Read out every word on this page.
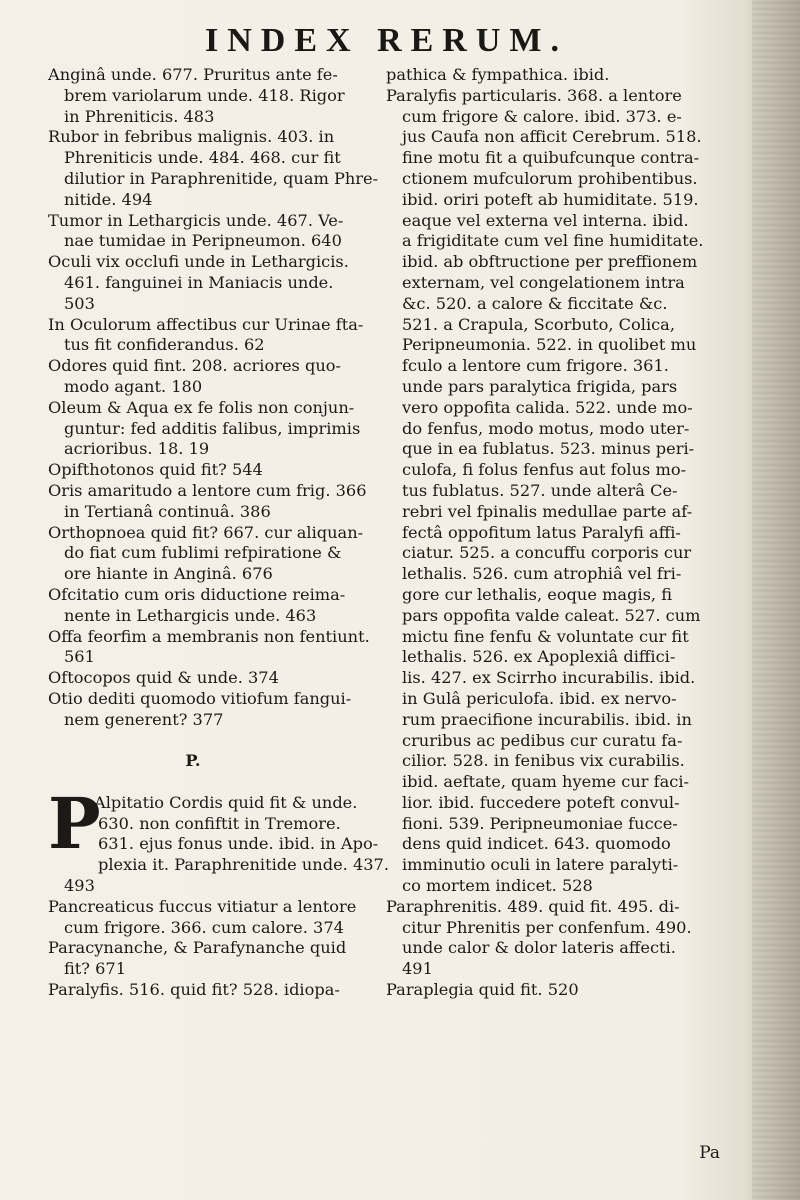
INDEX RERUM.
Anginâ unde. 677. Pruritus ante fe-
brem variolarum unde. 418. Rigor
in Phreniticis. 483
Rubor in febribus malignis. 403. in
Phreniticis unde. 484. 468. cur fit
dilutior in Paraphrenitide, quam Phre-
nitide. 494
Tumor in Lethargicis unde. 467. Ve-
nae tumidae in Peripneumon. 640
Oculi vix occlufi unde in Lethargicis.
461. fanguinei in Maniacis unde.
503
In Oculorum affectibus cur Urinae fta-
tus fit confiderandus. 62
Odores quid fint. 208. acriores quo-
modo agant. 180
Oleum & Aqua ex fe folis non conjun-
guntur: fed additis falibus, imprimis
acrioribus. 18. 19
Opifthotonos quid fit? 544
Oris amaritudo a lentore cum frig. 366
in Tertianâ continuâ. 386
Orthopnoea quid fit? 667. cur aliquan-
do fiat cum fublimi refpiratione &
ore hiante in Anginâ. 676
Ofcitatio cum oris diductione reima-
nente in Lethargicis unde. 463
Offa feorfim a membranis non fentiunt.
561
Oftocopos quid & unde. 374
Otio dediti quomodo vitiofum fangui-
nem generent? 377
P.
P
Alpitatio Cordis quid fit & unde.
630. non confiftit in Tremore.
631. ejus fonus unde. ibid. in Apo-
plexia it. Paraphrenitide unde. 437.
493
Pancreaticus fuccus vitiatur a lentore
cum frigore. 366. cum calore. 374
Paracynanche, & Parafynanche quid
fit? 671
Paralyfis. 516. quid fit? 528. idiopa-
pathica & fympathica. ibid.
Paralyfis particularis. 368. a lentore
cum frigore & calore. ibid. 373. e-
jus Caufa non afficit Cerebrum. 518.
fine motu fit a quibufcunque contra-
ctionem mufculorum prohibentibus.
ibid. oriri poteft ab humiditate. 519.
eaque vel externa vel interna. ibid.
a frigiditate cum vel fine humiditate.
ibid. ab obftructione per preffionem
externam, vel congelationem intra
&c. 520. a calore & ficcitate &c.
521. a Crapula, Scorbuto, Colica,
Peripneumonia. 522. in quolibet mu
fculo a lentore cum frigore. 361.
unde pars paralytica frigida, pars
vero oppofita calida. 522. unde mo-
do fenfus, modo motus, modo uter-
que in ea fublatus. 523. minus peri-
culofa, fi folus fenfus aut folus mo-
tus fublatus. 527. unde alterâ Ce-
rebri vel fpinalis medullae parte af-
fectâ oppofitum latus Paralyfi affi-
ciatur. 525. a concuffu corporis cur
lethalis. 526. cum atrophiâ vel fri-
gore cur lethalis, eoque magis, fi
pars oppofita valde caleat. 527. cum
mictu fine fenfu & voluntate cur fit
lethalis. 526. ex Apoplexiâ diffici-
lis. 427. ex Scirrho incurabilis. ibid.
in Gulâ periculofa. ibid. ex nervo-
rum praecifione incurabilis. ibid. in
cruribus ac pedibus cur curatu fa-
cilior. 528. in fenibus vix curabilis.
ibid. aeftate, quam hyeme cur faci-
lior. ibid. fuccedere poteft convul-
fioni. 539. Peripneumoniae fucce-
dens quid indicet. 643. quomodo
imminutio oculi in latere paralyti-
co mortem indicet. 528
Paraphrenitis. 489. quid fit. 495. di-
citur Phrenitis per confenfum. 490.
unde calor & dolor lateris affecti.
491
Paraplegia quid fit. 520
Pa
